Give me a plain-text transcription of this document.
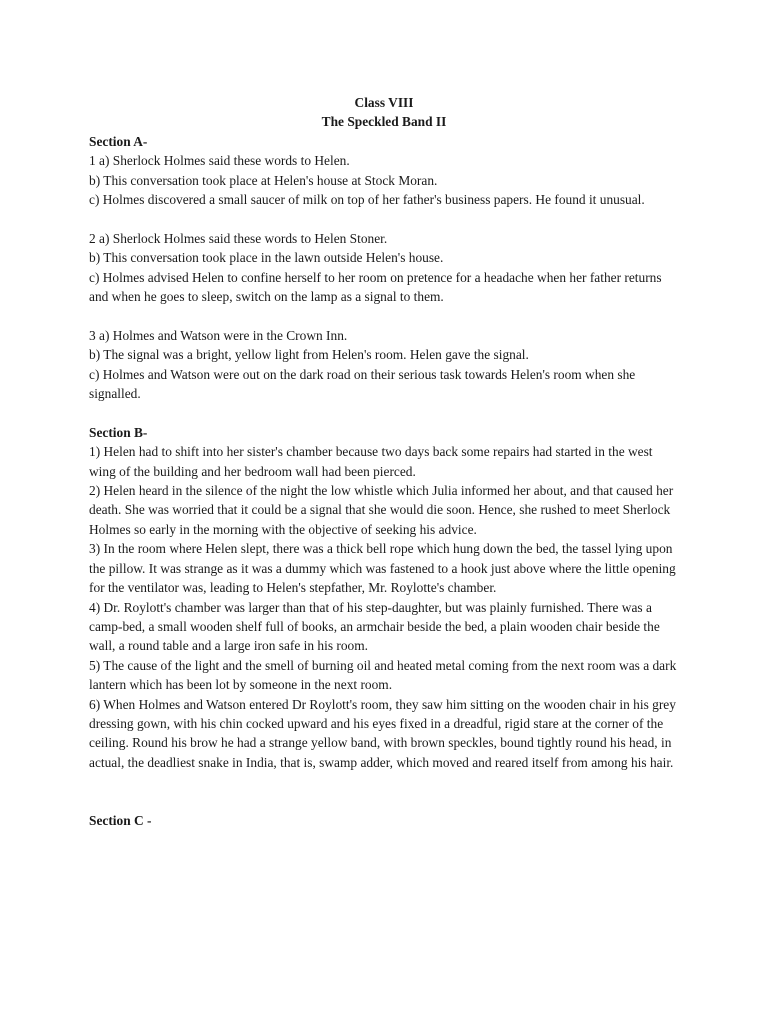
Class VIII

The Speckled Band II

Section A-

1 a) Sherlock Holmes said these words to Helen.

b) This conversation took place at Helen's house at Stock Moran.

c) Holmes discovered a small saucer of milk on top of her father's business papers. He found it unusual.

2 a) Sherlock Holmes said these words to Helen Stoner.

b) This conversation took place in the lawn outside Helen's house.

c) Holmes advised Helen to confine herself to her room on pretence for a headache when her father returns and when he goes to sleep, switch on the lamp as a signal to them.

3 a) Holmes and Watson were in the Crown Inn.

b) The signal was a bright, yellow light from Helen's room. Helen gave the signal.

c) Holmes and Watson were out on the dark road on their serious task towards Helen's room when she signalled.

Section B-

1) Helen had to shift into her sister's chamber because two days back some repairs had started in the west wing of the building and her bedroom wall had been pierced.

2) Helen heard in the silence of the night the low whistle which Julia informed her about, and that caused her death. She was worried that it could be a signal that she would die soon. Hence, she rushed to meet Sherlock Holmes so early in the morning with the objective of seeking his advice.

3) In the room where Helen slept, there was a thick bell rope which hung down the bed, the tassel lying upon the pillow. It was strange as it was a dummy which was fastened to a hook just above where the little opening for the ventilator was, leading to Helen's stepfather, Mr. Roylotte's chamber.

4) Dr. Roylott's chamber was larger than that of his step-daughter, but was plainly furnished. There was a camp-bed, a small wooden shelf full of books, an armchair beside the bed, a plain wooden chair beside the wall, a round table and a large iron safe in his room.

5) The cause of the light and the smell of burning oil and heated metal coming from the next room was a dark lantern which has been lot by someone in the next room.

6) When Holmes and Watson entered Dr Roylott's room, they saw him sitting on the wooden chair in his grey dressing gown, with his chin cocked upward and his eyes fixed in a dreadful, rigid stare at the corner of the ceiling. Round his brow he had a strange yellow band, with brown speckles, bound tightly round his head, in actual, the deadliest snake in India, that is, swamp adder, which moved and reared itself from among his hair.

Section C -
